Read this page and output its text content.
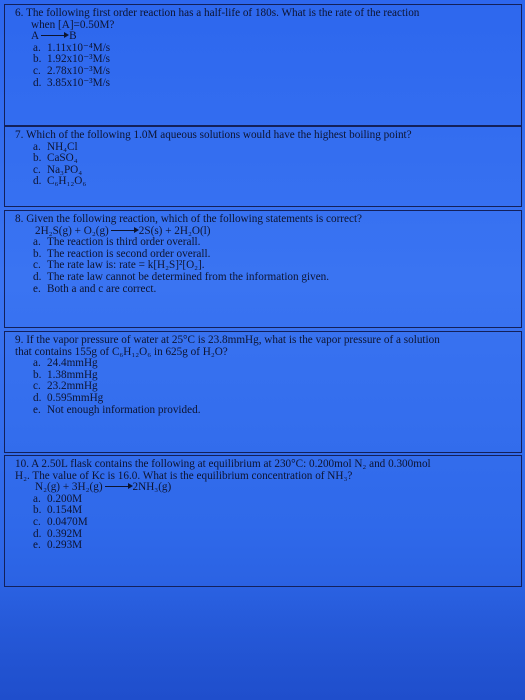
6. The following first order reaction has a half-life of 180s. What is the rate of the reaction

when [A]=0.50M?

A	B

a. 1.11x10⁻⁴M/s
b. 1.92x10⁻³M/s
c. 2.78x10⁻³M/s
d. 3.85x10⁻³M/s

7. Which of the following 1.0M aqueous solutions would have the highest boiling point?

a. NH₄Cl
b. CaSO₄
c. Na₃PO₄
d. C₆H₁₂O₆

8. Given the following reaction, which of the following statements is correct?

2H₂S(g) + O₂(g)	2S(s) + 2H₂O(l)

a. The reaction is third order overall.
b. The reaction is second order overall.
c. The rate law is: rate = k[H₂S]²[O₂].
d. The rate law cannot be determined from the information given.
e. Both a and c are correct.

9. If the vapor pressure of water at 25°C is 23.8mmHg, what is the vapor pressure of a solution

that contains 155g of C₆H₁₂O₆ in 625g of H₂O?

a. 24.4mmHg
b. 1.38mmHg
c. 23.2mmHg
d. 0.595mmHg
e. Not enough information provided.

10. A 2.50L flask contains the following at equilibrium at 230°C: 0.200mol N₂ and 0.300mol

H₂. The value of Kc is 16.0. What is the equilibrium concentration of NH₃?

N₂(g) + 3H₂(g)	2NH₃(g)

a. 0.200M
b. 0.154M
c. 0.0470M
d. 0.392M
e. 0.293M
